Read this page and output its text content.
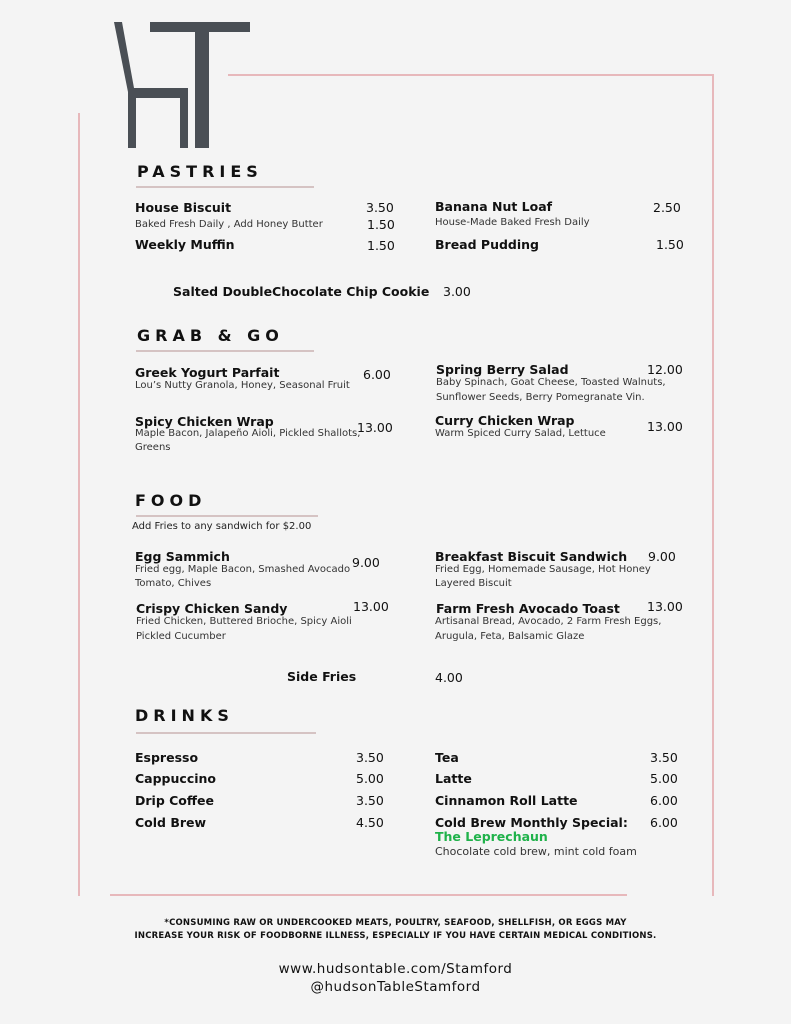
PASTRIES
House Biscuit	3.50
Baked Fresh Daily , Add Honey Butter	1.50
Weekly Muffin	1.50
Banana Nut Loaf	2.50
House-Made Baked Fresh Daily
Bread Pudding	1.50
Salted DoubleChocolate Chip Cookie 3.00
GRAB & GO
Greek Yogurt Parfait	6.00
Lou’s Nutty Granola, Honey, Seasonal Fruit
Spicy Chicken Wrap	13.00
Maple Bacon, Jalapeño Aioli, Pickled Shallots,
Greens
Spring Berry Salad	12.00
Baby Spinach, Goat Cheese, Toasted Walnuts,
Sunflower Seeds, Berry Pomegranate Vin.
Curry Chicken Wrap	13.00
Warm Spiced Curry Salad, Lettuce
FOOD
Add Fries to any sandwich for $2.00
Egg Sammich	9.00
Fried egg, Maple Bacon, Smashed Avocado
Tomato, Chives
Crispy Chicken Sandy	13.00
Fried Chicken, Buttered Brioche, Spicy Aioli
Pickled Cucumber
Breakfast Biscuit Sandwich 9.00
Fried Egg, Homemade Sausage, Hot Honey
Layered Biscuit
Farm Fresh Avocado Toast 13.00
Artisanal Bread, Avocado, 2 Farm Fresh Eggs,
Arugula, Feta, Balsamic Glaze
Side Fries	4.00
DRINKS
Espresso	3.50
Cappuccino	5.00
Drip Coffee	3.50
Cold Brew	4.50
Tea	3.50
Latte	5.00
Cinnamon Roll Latte	6.00
Cold Brew Monthly Special: 6.00
The Leprechaun
Chocolate cold brew, mint cold foam
*CONSUMING RAW OR UNDERCOOKED MEATS, POULTRY, SEAFOOD, SHELLFISH, OR EGGS MAY
INCREASE YOUR RISK OF FOODBORNE ILLNESS, ESPECIALLY IF YOU HAVE CERTAIN MEDICAL CONDITIONS.
www.hudsontable.com/Stamford
@hudsonTableStamford
